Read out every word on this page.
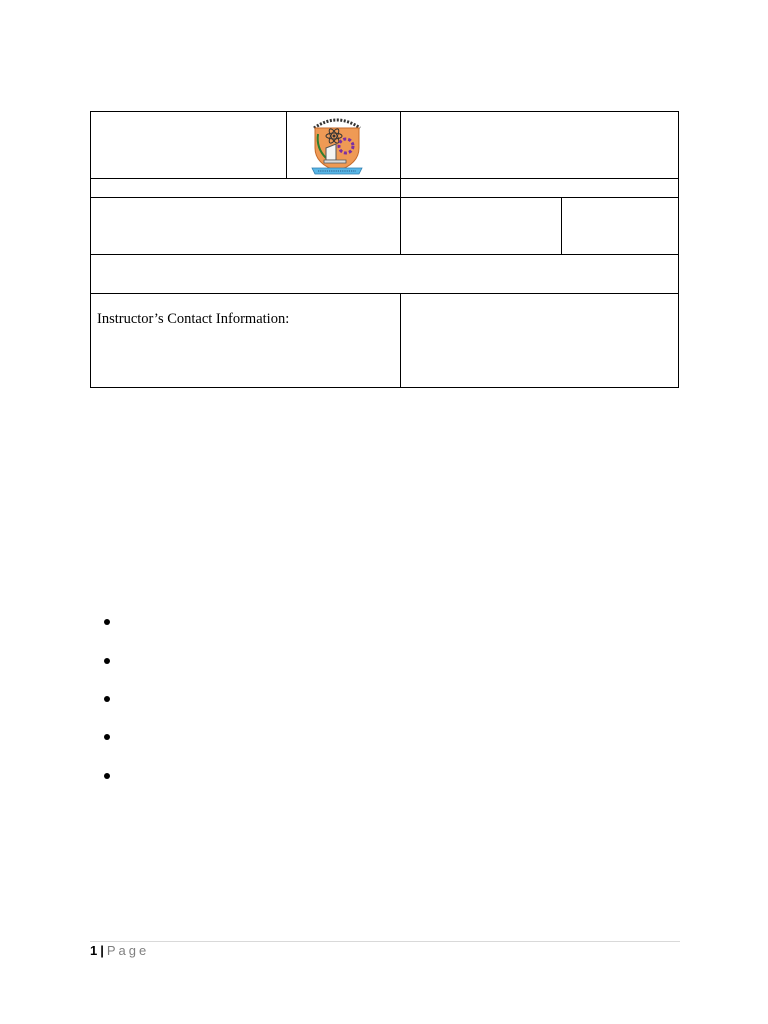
Instructor’s Contact Information:
1 | Page
